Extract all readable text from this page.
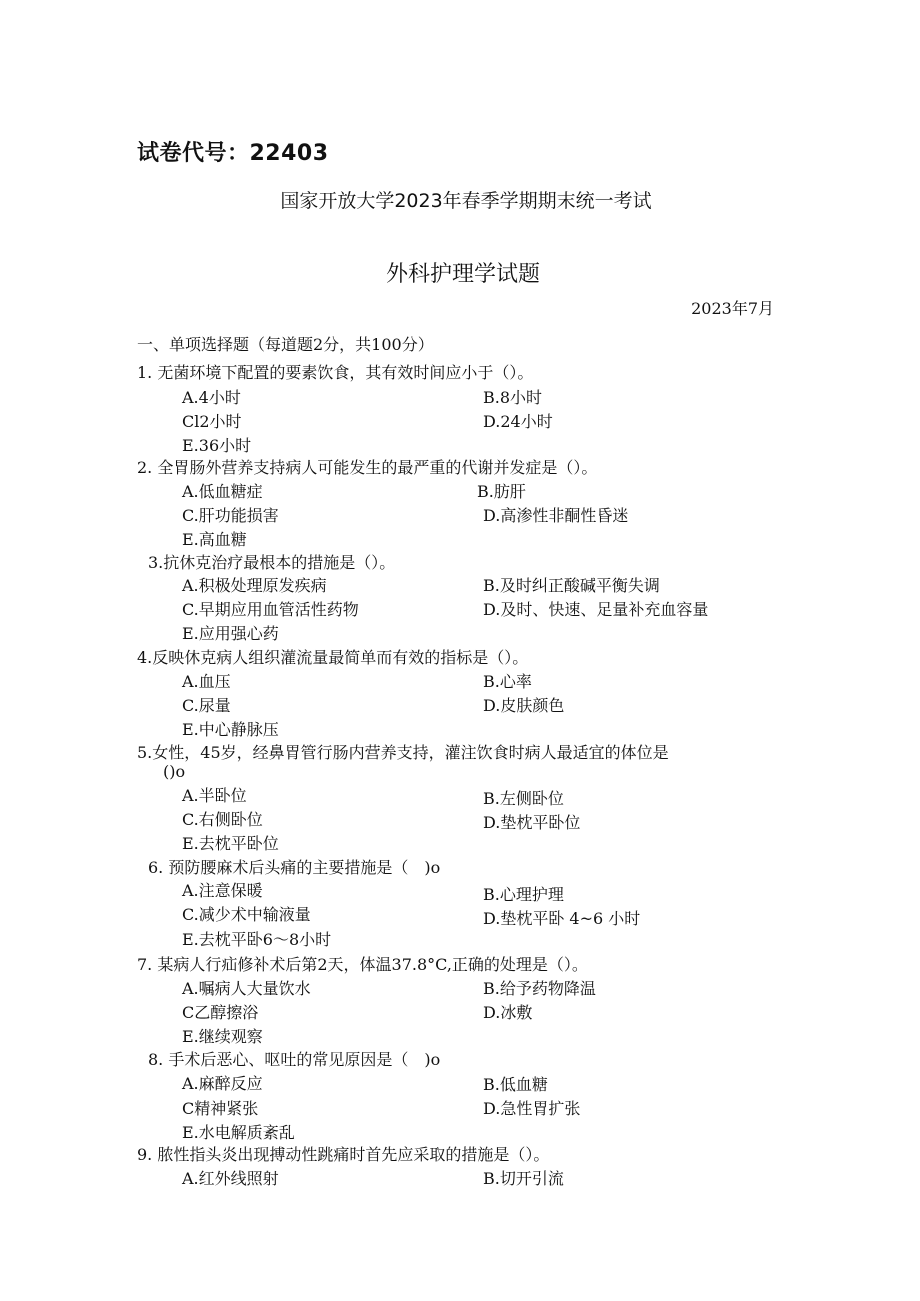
试卷代号：22403
国家开放大学2023年春季学期期末统一考试
外科护理学试题
2023年7月
一、单项选择题（每道题2分，共100分）
1. 无菌环境下配置的要素饮食，其有效时间应小于（）。
A.4小时	B.8小时
Cl2小时	D.24小时
E.36小时
2. 全胃肠外营养支持病人可能发生的最严重的代谢并发症是（）。
A.低血糖症	B.肪肝
C.肝功能损害	D.高渗性非酮性昏迷
E.高血糖
3.抗休克治疗最根本的措施是（）。
A.积极处理原发疾病	B.及时纠正酸碱平衡失调
C.早期应用血管活性药物	D.及时、快速、足量补充血容量
E.应用强心药
4.反映休克病人组织灌流量最简单而有效的指标是（）。
A.血压	B.心率
C.尿量	D.皮肤颜色
E.中心静脉压
5.女性，45岁，经鼻胃管行肠内营养支持，灌注饮食时病人最适宜的体位是
()o
A.半卧位	B.左侧卧位
C.右侧卧位	D.垫枕平卧位
E.去枕平卧位
6. 预防腰麻术后头痛的主要措施是（　)o
A.注意保暖	B.心理护理
C.减少术中输液量	D.垫枕平卧 4~6 小时
E.去枕平卧6～8小时
7. 某病人行疝修补术后第2天，体温37.8°C,正确的处理是（）。
A.嘱病人大量饮水	B.给予药物降温
C乙醇擦浴	D.冰敷
E.继续观察
8. 手术后恶心、呕吐的常见原因是（　)o
A.麻醉反应	B.低血糖
C精神紧张	D.急性胃扩张
E.水电解质紊乱
9. 脓性指头炎出现搏动性跳痛时首先应采取的措施是（）。
A.红外线照射	B.切开引流
